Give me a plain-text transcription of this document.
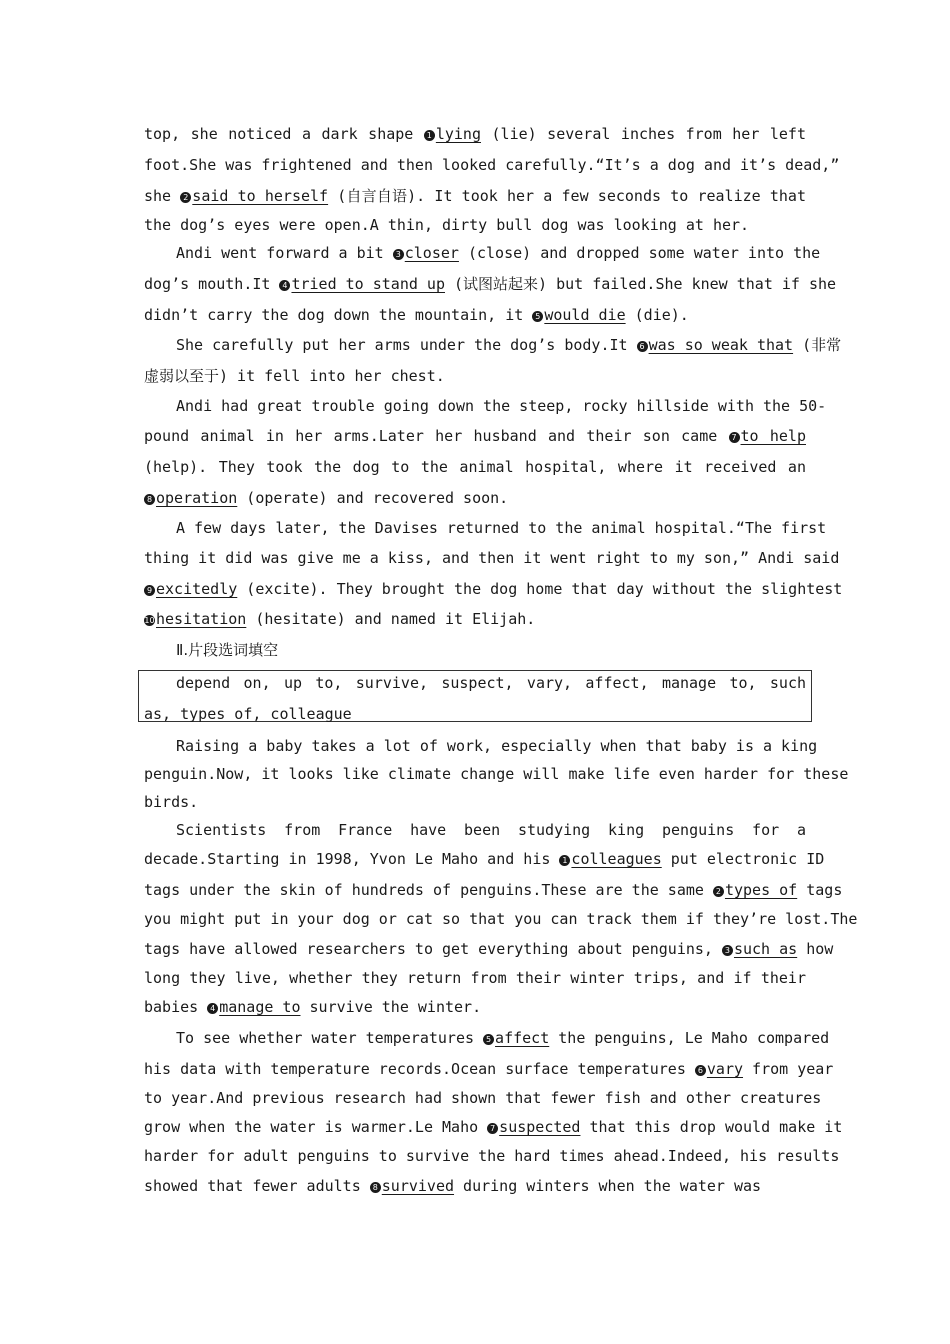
top, she noticed a dark shape 1 lying (lie) several inches from her left
foot.She was frightened and then looked carefully.“It’s a dog and it’s dead,”
she 2 said to herself (自言自语). It took her a few seconds to realize that
the dog’s eyes were open.A thin, dirty bull dog was looking at her.
Andi went forward a bit 3 closer (close) and dropped some water into the
dog’s mouth.It 4 tried to stand up (试图站起来) but failed.She knew that if she
didn’t carry the dog down the mountain, it 5 would die (die).
She carefully put her arms under the dog’s body.It 6 was so weak that (非常
虚弱以至于) it fell into her chest.
Andi had great trouble going down the steep, rocky hillside with the 50-
pound animal in her arms.Later her husband and their son came 7 to help
(help). They took the dog to the animal hospital, where it received an
8 operation (operate) and recovered soon.
A few days later, the Davises returned to the animal hospital.“The first
thing it did was give me a kiss, and then it went right to my son,” Andi said
9 excitedly (excite). They brought the dog home that day without the slightest
10hesitation (hesitate) and named it Elijah.
Ⅱ.片段选词填空
depend on, up to, survive, suspect, vary, affect, manage to, such
as, types of, colleague
Raising a baby takes a lot of work, especially when that baby is a king
penguin.Now, it looks like climate change will make life even harder for these
birds.
Scientists from France have been studying king penguins for a
decade.Starting in 1998, Yvon Le Maho and his 1 colleagues put electronic ID
tags under the skin of hundreds of penguins.These are the same 2 types of tags
you might put in your dog or cat so that you can track them if they’re lost.The
tags have allowed researchers to get everything about penguins, 3 such as how
long they live, whether they return from their winter trips, and if their
babies 4 manage to survive the winter.
To see whether water temperatures 5 affect the penguins, Le Maho compared
his data with temperature records.Ocean surface temperatures 6 vary from year
to year.And previous research had shown that fewer fish and other creatures
grow when the water is warmer.Le Maho 7 suspected that this drop would make it
harder for adult penguins to survive the hard times ahead.Indeed, his results
showed that fewer adults 8 survived during winters when the water was
